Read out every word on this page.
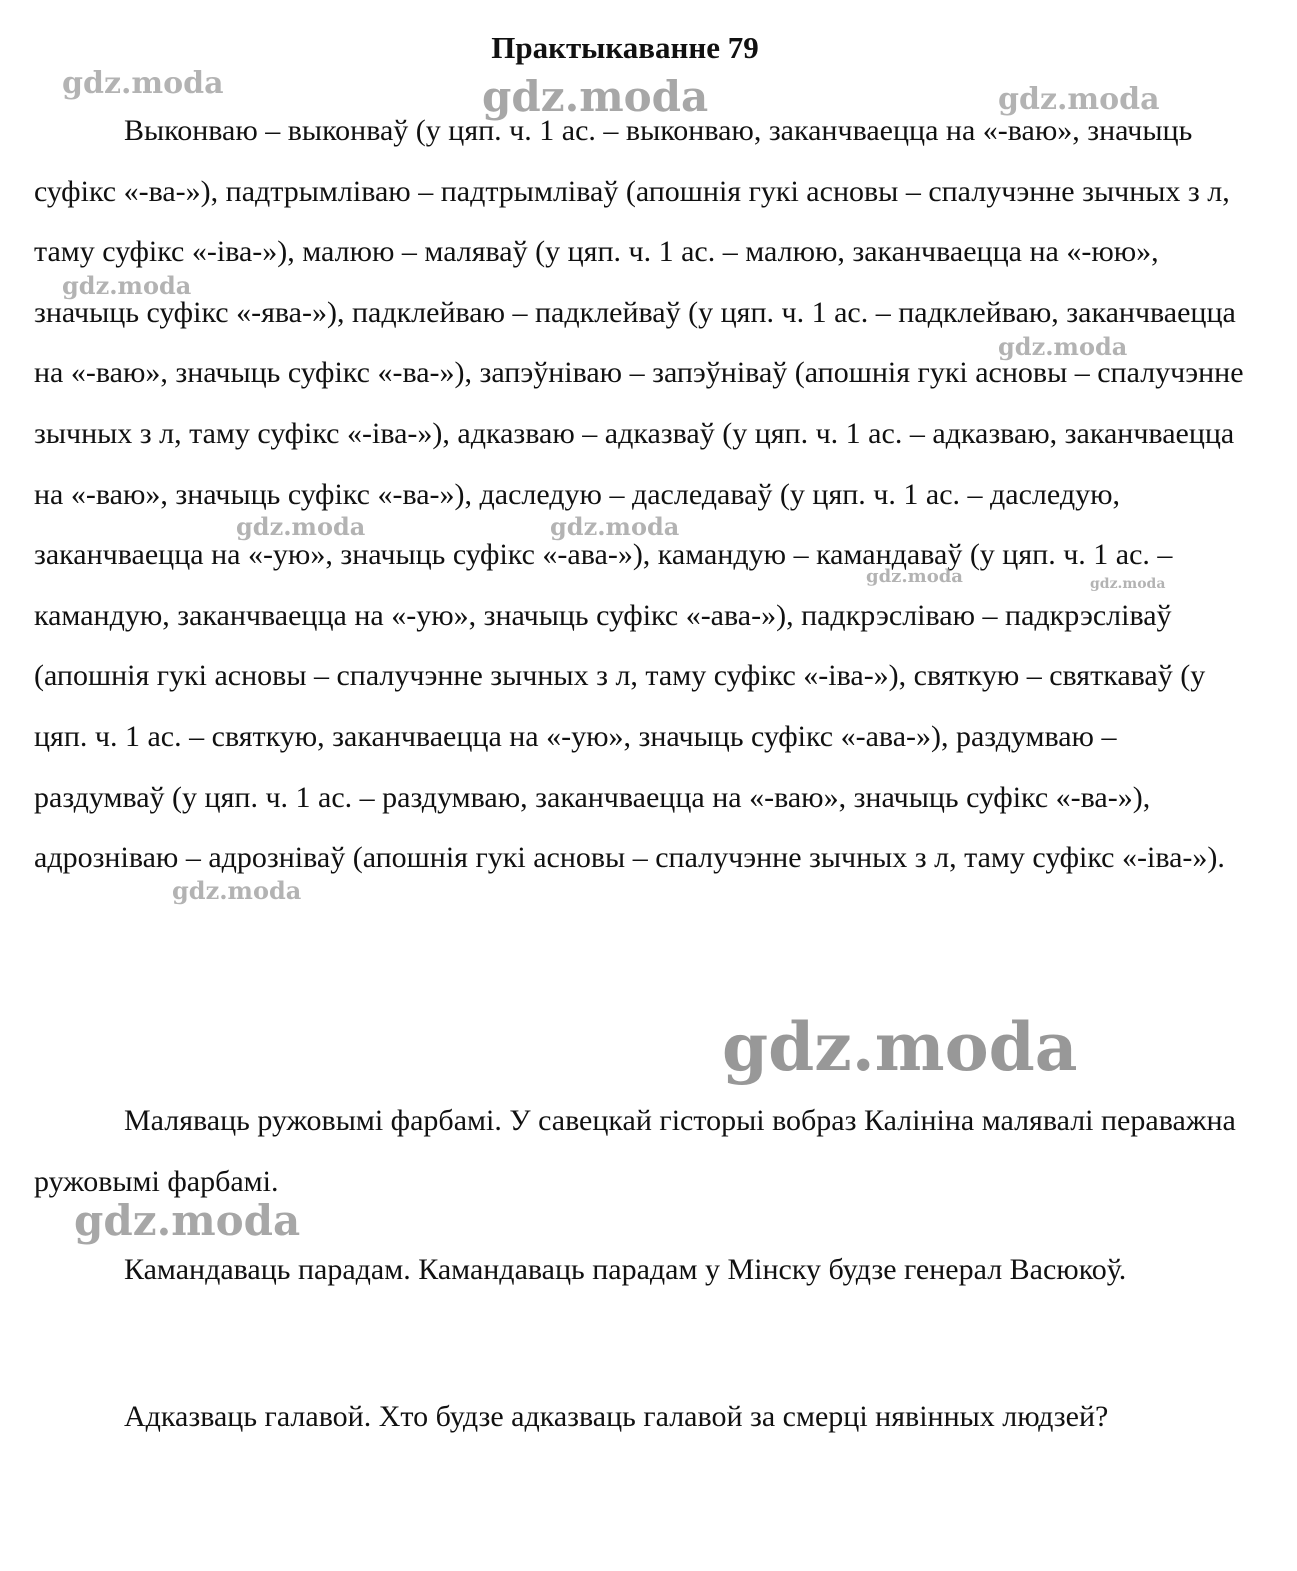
Практыкаванне 79

Выконваю – выконваў (у цяп. ч. 1 ас. – выконваю, заканчваецца на «-ваю», значыць суфікс «-ва-»), падтрымліваю – падтрымліваў (апошнія гукі асновы – спалучэнне зычных з л, таму суфікс «-іва-»), малюю – маляваў (у цяп. ч. 1 ас. – малюю, заканчваецца на «-юю», значыць суфікс «-ява-»), падклейваю – падклейваў (у цяп. ч. 1 ас. – падклейваю, заканчваецца на «-ваю», значыць суфікс «-ва-»), запэўніваю – запэўніваў (апошнія гукі асновы – спалучэнне зычных з л, таму суфікс «-іва-»), адказваю – адказваў (у цяп. ч. 1 ас. – адказваю, заканчваецца на «-ваю», значыць суфікс «-ва-»), даследую – даследаваў (у цяп. ч. 1 ас. – даследую, заканчваецца на «-ую», значыць суфікс «-ава-»), камандую – камандаваў (у цяп. ч. 1 ас. – камандую, заканчваецца на «-ую», значыць суфікс «-ава-»), падкрэсліваю – падкрэсліваў (апошнія гукі асновы – спалучэнне зычных з л, таму суфікс «-іва-»), святкую – святкаваў (у цяп. ч. 1 ас. – святкую, заканчваецца на «-ую», значыць суфікс «-ава-»), раздумваю – раздумваў (у цяп. ч. 1 ас. – раздумваю, заканчваецца на «-ваю», значыць суфікс «-ва-»), адрозніваю – адрозніваў (апошнія гукі асновы – спалучэнне зычных з л, таму суфікс «-іва-»).

Маляваць ружовымі фарбамі. У савецкай гісторыі вобраз Калініна малявалі пераважна ружовымі фарбамі.

Камандаваць парадам. Камандаваць парадам у Мінску будзе генерал Васюкоў.

Адказваць галавой. Хто будзе адказваць галавой за смерці нявінных людзей?

gdz.moda	gdz.moda	gdz.moda
gdz.moda
gdz.moda
gdz.moda	gdz.moda
gdz.moda	gdz.moda
gdz.moda
gdz.moda
gdz.moda
